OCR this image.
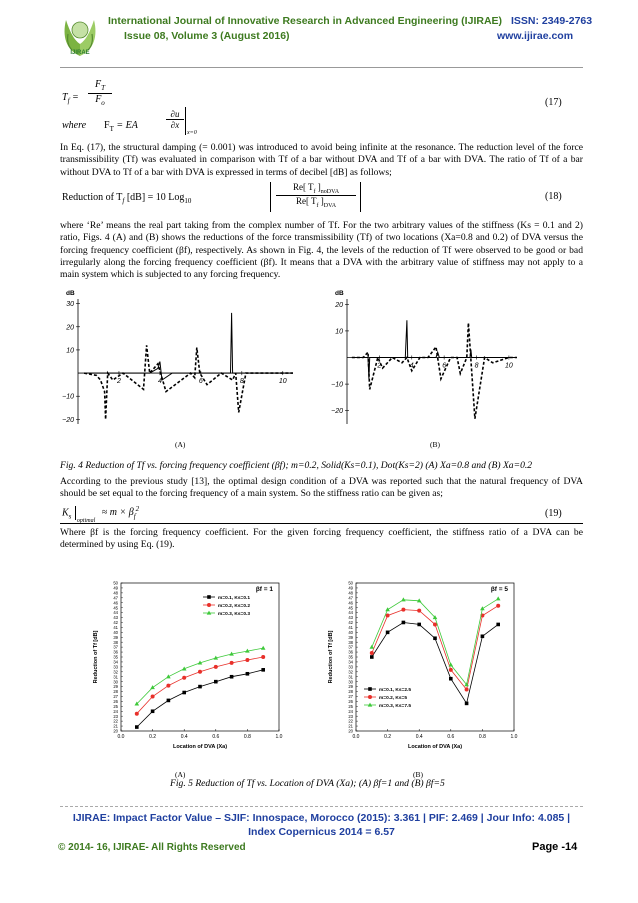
IJIRAE
International Journal of Innovative Research in Advanced Engineering (IJIRAE) ISSN: 2349-2763
Issue 08, Volume 3 (August 2016)	www.ijirae.com
$T_f$ =
$F_T$
$F_o$
where $F_T$ = EA
∂u
∂x
x=0
(17)
In Eq. (17), the structural damping (= 0.001) was introduced to avoid being infinite at the resonance. The reduction level of the force transmissibility (Tf) was evaluated in comparison with Tf of a bar without DVA and Tf of a bar with DVA. The ratio of Tf of a bar without DVA to Tf of a bar with DVA is expressed in terms of decibel [dB] as follows;
Reduction of $T_f$ [dB] = 10 Log$_{10}$
Re[ $T_f$ ]$_{noDVA}$
Re[ $T_f$ ]$_{DVA}$
(18)
where ‘Re’ means the real part taking from the complex number of Tf. For the two arbitrary values of the stiffness (Ks = 0.1 and 2) ratio, Figs. 4 (A) and (B) shows the reductions of the force transmissibility (Tf) of two locations (Xa=0.8 and 0.2) of DVA versus the forcing frequency coefficient (βf), respectively. As shown in Fig. 4, the levels of the reduction of Tf were observed to be good or bad irregularly along the forcing frequency coefficient (βf). It means that a DVA with the arbitrary value of stiffness may not apply to a main system which is subjected to any forcing frequency.
dB
2	4	6	8	10
−20
−10
10
20
30
dB
2	4	6	8	10
−20
−10
10
20
(A)	(B)
Fig. 4 Reduction of Tf vs. forcing frequency coefficient (βf); m=0.2, Solid(Ks=0.1), Dot(Ks=2) (A) Xa=0.8 and (B) Xa=0.2
According to the previous study [13], the optimal design condition of a DVA was reported such that the natural frequency of DVA should be set equal to the forcing frequency of a main system. So the stiffness ratio can be given as;
$K_s$ $_{optimal} \approx m \times \beta_f^2$	(19)
Where βf is the forcing frequency coefficient. For the given forcing frequency coefficient, the stiffness ratio of a DVA can be determined by using Eq. (19).
βf = 1
20
21
22
23
24
25
26
27
28
29
30
31
32
33
34
35
36
37
38
39
40
41
42
43
44
45
46
47
48
49
50
0.0	0.2	0.4	0.6	0.8	1.0
Location of DVA (Xa)
Reduction of Tf [dB]
m=0.1, Ks=0.1
m=0.2, Ks=0.2
m=0.3, Ks=0.3
βf = 5
20
21
22
23
24
25
26
27
28
29
30
31
32
33
34
35
36
37
38
39
40
41
42
43
44
45
46
47
48
49
50
0.0	0.2	0.4	0.6	0.8	1.0
Location of DVA (Xa)
Reduction of Tf [dB]
m=0.1, Ks=2.5
m=0.2, Ks=5
m=0.3, Ks=7.5
(A)	(B)
Fig. 5 Reduction of Tf vs. Location of DVA (Xa); (A) βf=1 and (B) βf=5
IJIRAE: Impact Factor Value – SJIF: Innospace, Morocco (2015): 3.361 | PIF: 2.469 | Jour Info: 4.085 |
Index Copernicus 2014 = 6.57
© 2014- 16, IJIRAE- All Rights Reserved	Page -14
